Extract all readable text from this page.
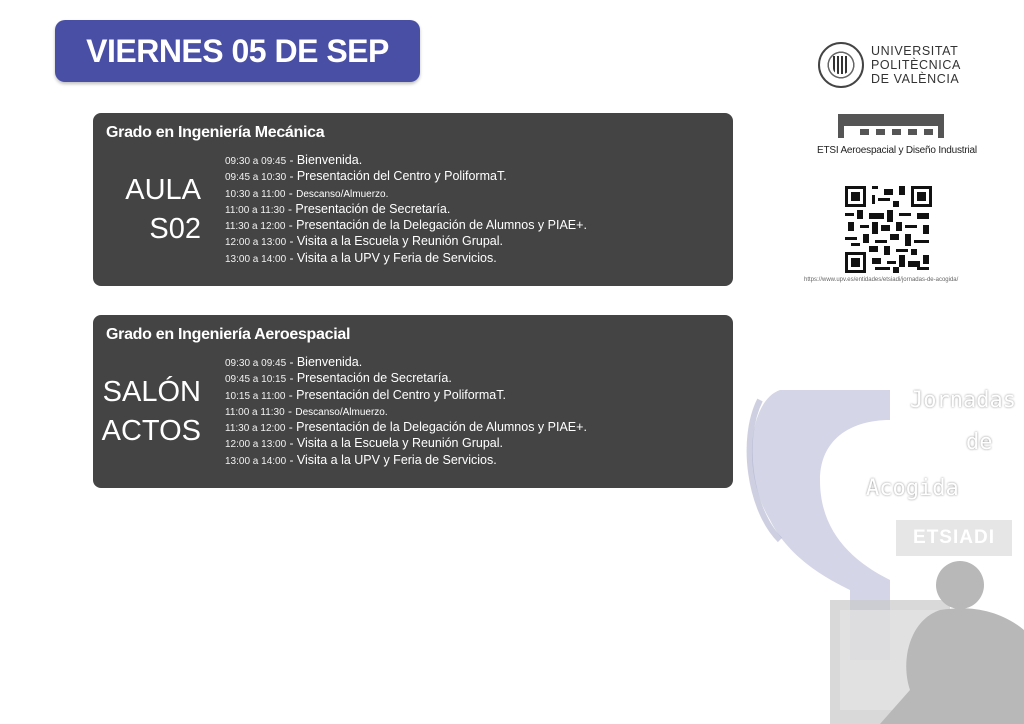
VIERNES 05 DE SEP
Grado en Ingeniería Mecánica
AULA
S02
09:30 a 09:45 - Bienvenida.
09:45 a 10:30 - Presentación del Centro y PoliformaT.
10:30 a 11:00 - Descanso/Almuerzo.
11:00 a 11:30 - Presentación de Secretaría.
11:30 a 12:00 - Presentación de la Delegación de Alumnos y PIAE+.
12:00 a 13:00 - Visita a la Escuela y Reunión Grupal.
13:00 a 14:00 - Visita a la UPV y Feria de Servicios.
Grado en Ingeniería Aeroespacial
SALÓN
ACTOS
09:30 a 09:45 - Bienvenida.
09:45 a 10:15 - Presentación de Secretaría.
10:15 a 11:00 - Presentación del Centro y PoliformaT.
11:00 a 11:30 - Descanso/Almuerzo.
11:30 a 12:00 - Presentación de la Delegación de Alumnos y PIAE+.
12:00 a 13:00 - Visita a la Escuela y Reunión Grupal.
13:00 a 14:00 - Visita a la UPV y Feria de Servicios.
UNIVERSITAT
POLITÈCNICA
DE VALÈNCIA
ETSI Aeroespacial y Diseño Industrial
https://www.upv.es/entidades/etsiadi/jornadas-de-acogida/
Jornadas
de
Acogida
ETSIADI
